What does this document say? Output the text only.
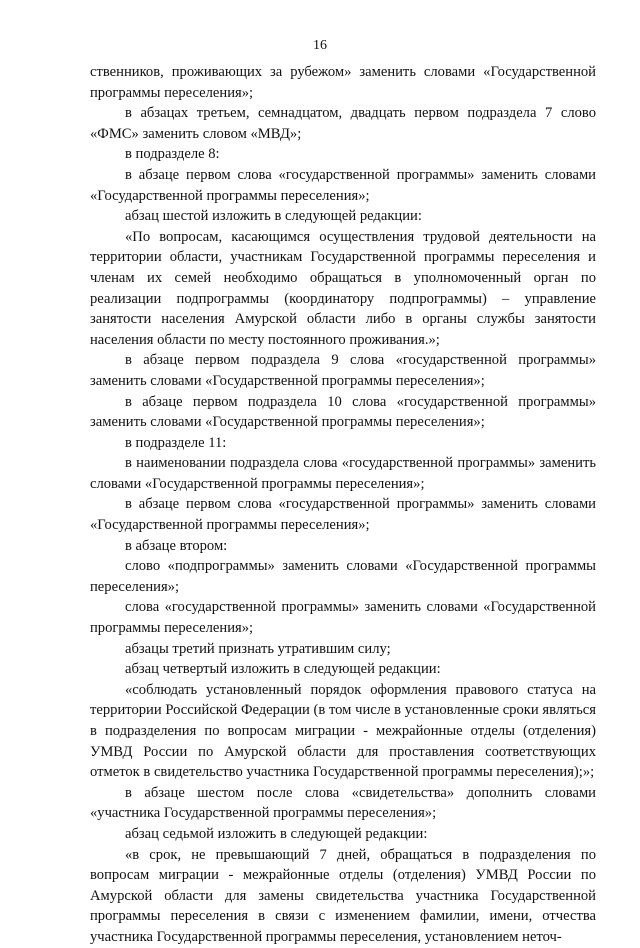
16

ственников, проживающих за рубежом» заменить словами «Государственной программы переселения»;

в абзацах третьем, семнадцатом, двадцать первом подраздела 7 слово «ФМС» заменить словом «МВД»;

в подразделе 8:

в абзаце первом слова «государственной программы» заменить словами «Государственной программы переселения»;

абзац шестой изложить в следующей редакции:

«По вопросам, касающимся осуществления трудовой деятельности на территории области, участникам Государственной программы переселения и членам их семей необходимо обращаться в уполномоченный орган по реализации подпрограммы (координатору подпрограммы) – управление занятости населения Амурской области либо в органы службы занятости населения области по месту постоянного проживания.»;

в абзаце первом подраздела 9 слова «государственной программы» заменить словами «Государственной программы переселения»;

в абзаце первом подраздела 10 слова «государственной программы» заменить словами «Государственной программы переселения»;

в подразделе 11:

в наименовании подраздела слова «государственной программы» заменить словами «Государственной программы переселения»;

в абзаце первом слова «государственной программы» заменить словами «Государственной программы переселения»;

в абзаце втором:

слово «подпрограммы» заменить словами «Государственной программы переселения»;

слова «государственной программы» заменить словами «Государственной программы переселения»;

абзацы третий признать утратившим силу;

абзац четвертый изложить в следующей редакции:

«соблюдать установленный порядок оформления правового статуса на территории Российской Федерации (в том числе в установленные сроки являться в подразделения по вопросам миграции - межрайонные отделы (отделения) УМВД России по Амурской области для проставления соответствующих отметок в свидетельство участника Государственной программы переселения);»;

в абзаце шестом после слова «свидетельства» дополнить словами «участника Государственной программы переселения»;

абзац седьмой изложить в следующей редакции:

«в срок, не превышающий 7 дней, обращаться в подразделения по вопросам миграции - межрайонные отделы (отделения) УМВД России по Амурской области для замены свидетельства участника Государственной программы переселения в связи с изменением фамилии, имени, отчества участника Государственной программы переселения, установлением неточ-
